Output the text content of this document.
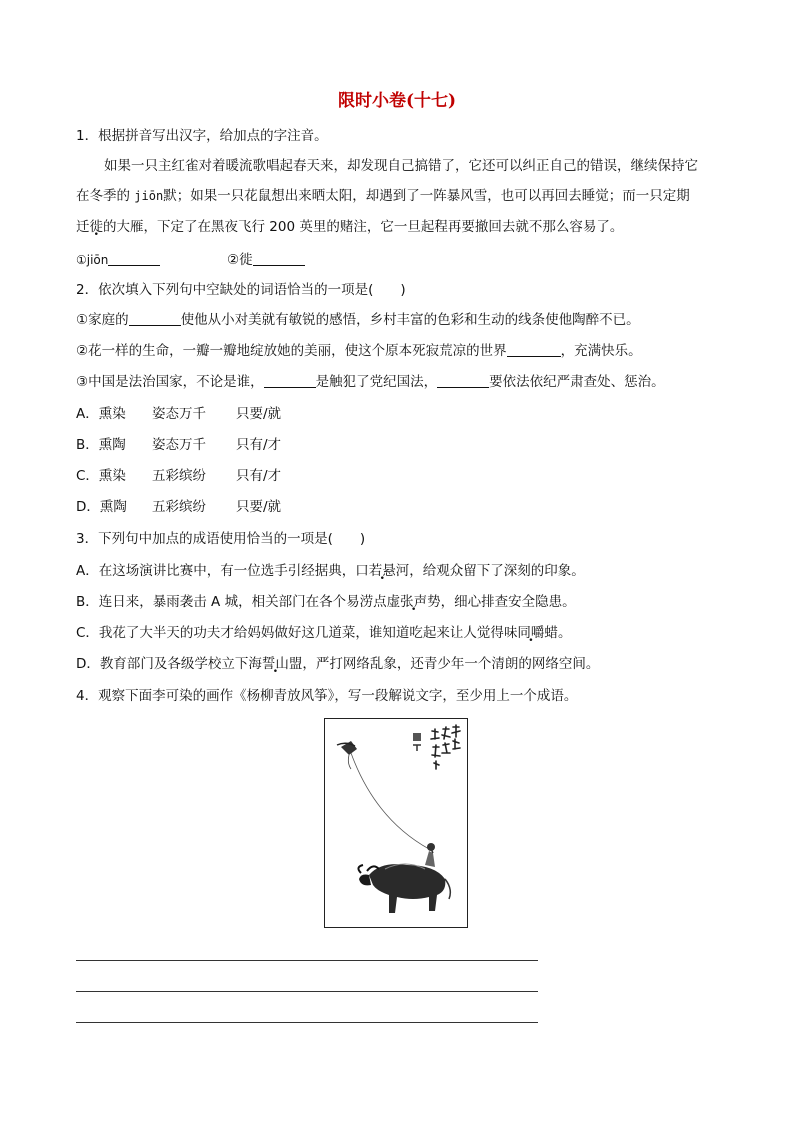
限时小卷(十七)
1．根据拼音写出汉字，给加点的字注音。
如果一只主红雀对着暖流歌唱起春天来，却发现自己搞错了，它还可以纠正自己的错误，继续保持它
在冬季的 jiōn默；如果一只花鼠想出来晒太阳，却遇到了一阵暴风雪，也可以再回去睡觉；而一只定期
迁徙的大雁，下定了在黑夜飞行 200 英里的赌注，它一旦起程再要撤回去就不那么容易了。
①jiōn	②徙
2．依次填入下列句中空缺处的词语恰当的一项是(　　)
①家庭的	使他从小对美就有敏锐的感悟，乡村丰富的色彩和生动的线条使他陶醉不已。
②花一样的生命，一瓣一瓣地绽放她的美丽，使这个原本死寂荒凉的世界	，充满快乐。
③中国是法治国家，不论是谁，	是触犯了党纪国法，	要依法依纪严肃查处、惩治。
A．熏染 姿态万千 只要/就
B．熏陶 姿态万千 只有/才
C．熏染 五彩缤纷 只有/才
D．熏陶 五彩缤纷 只要/就
3．下列句中加点的成语使用恰当的一项是(　　)
A．在这场演讲比赛中，有一位选手引经据典，口若悬河，给观众留下了深刻的印象。
B．连日来，暴雨袭击 A 城，相关部门在各个易涝点虚张声势，细心排查安全隐患。
C．我花了大半天的功夫才给妈妈做好这几道菜，谁知道吃起来让人觉得味同嚼蜡。
D．教育部门及各级学校立下海誓山盟，严打网络乱象，还青少年一个清朗的网络空间。
4．观察下面李可染的画作《杨柳青放风筝》，写一段解说文字，至少用上一个成语。
